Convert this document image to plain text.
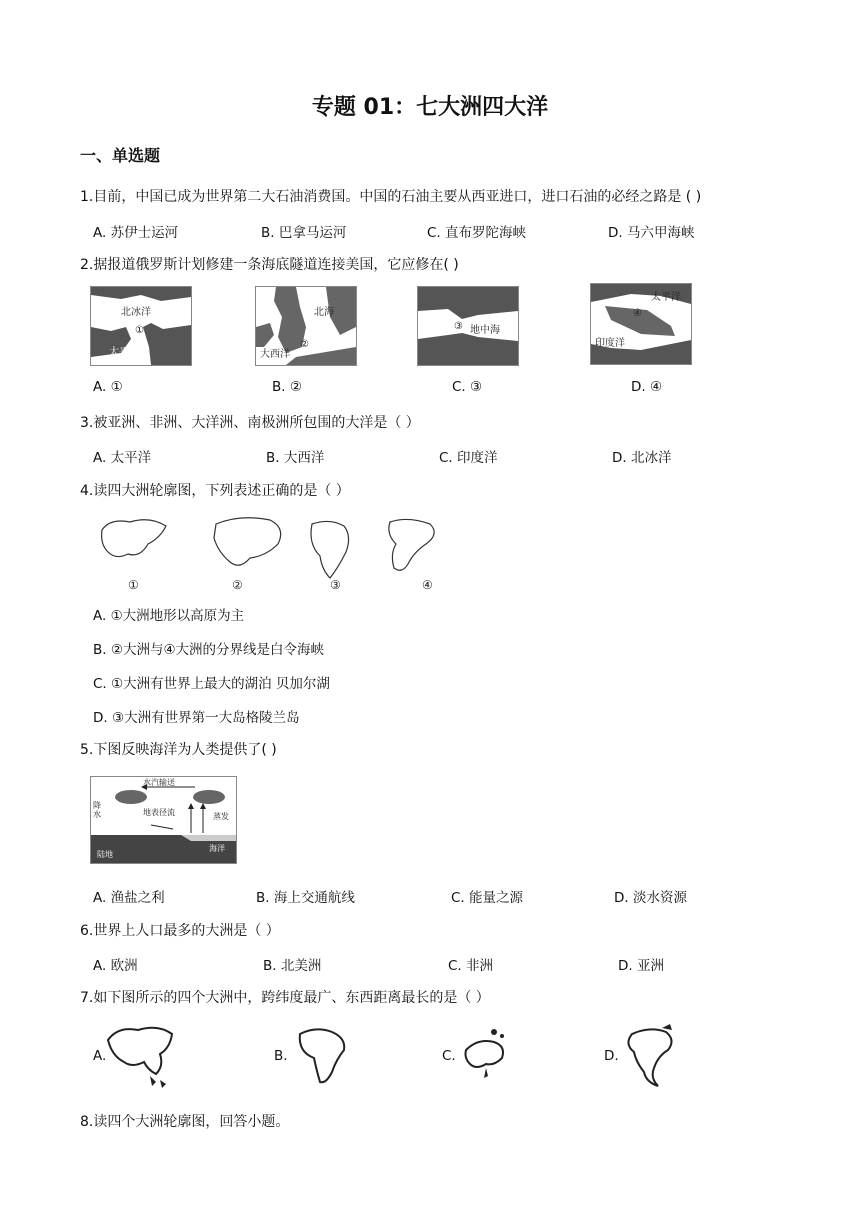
专题 01：七大洲四大洋
一、单选题
1.目前，中国已成为世界第二大石油消费国。中国的石油主要从西亚进口，进口石油的必经之路是 ( )
A. 苏伊士运河	B. 巴拿马运河	C. 直布罗陀海峡	D. 马六甲海峡
2.据报道俄罗斯计划修建一条海底隧道连接美国，它应修在( )
北冰洋
①
太平洋
北海
大西洋
②
大西洋 ③ 地中海
太平洋
④
印度洋
A. ①	B. ②	C. ③	D. ④
3.被亚洲、非洲、大洋洲、南极洲所包围的大洋是（ ）
A. 太平洋	B. 大西洋	C. 印度洋	D. 北冰洋
4.读四大洲轮廓图，下列表述正确的是（ ）
①	②	③	④
A. ①大洲地形以高原为主
B. ②大洲与④大洲的分界线是白令海峡
C. ①大洲有世界上最大的湖泊 贝加尔湖
D. ③大洲有世界第一大岛格陵兰岛
5.下图反映海洋为人类提供了( )
水汽输送
降水	地表径流	蒸发
陆地
海洋
A. 渔盐之利	B. 海上交通航线	C. 能量之源	D. 淡水资源
6.世界上人口最多的大洲是（ ）
A. 欧洲	B. 北美洲	C. 非洲	D. 亚洲
7.如下图所示的四个大洲中，跨纬度最广、东西距离最长的是（ ）
A.	B.	C.	D.
8.读四个大洲轮廓图，回答小题。
